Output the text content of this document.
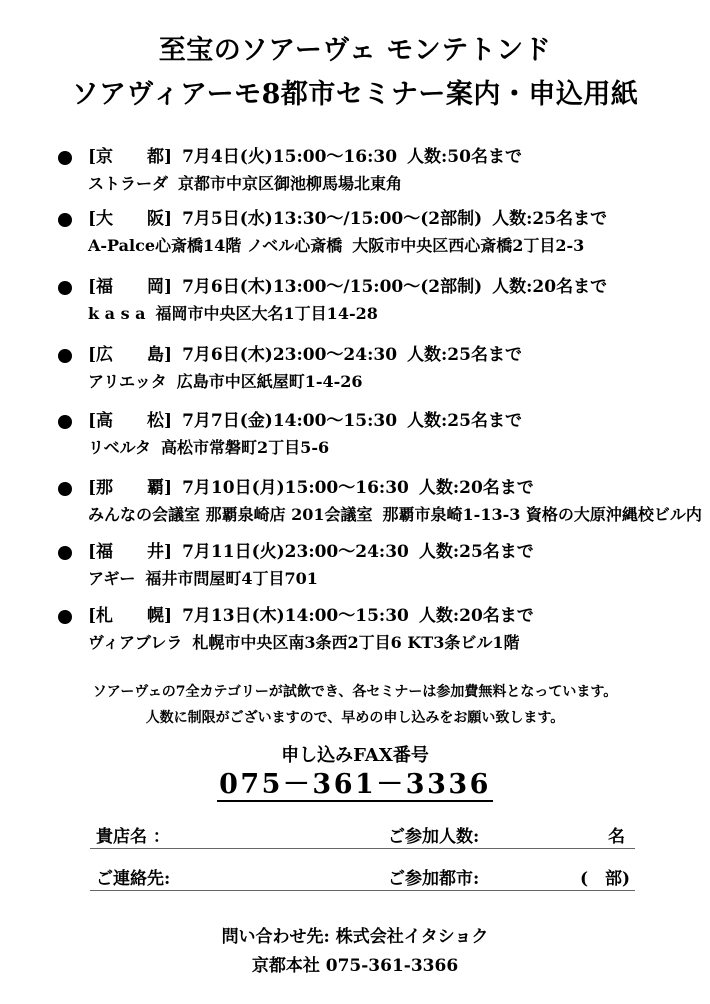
至宝のソアーヴェ モンテトンド
ソアヴィアーモ8都市セミナー案内・申込用紙
[京　　都] 7月4日(火)15:00～16:30 人数:50名まで
ストラーダ 京都市中京区御池柳馬場北東角
[大　　阪] 7月5日(水)13:30～/15:00～(2部制) 人数:25名まで
A-Palce心斎橋14階 ノベル心斎橋 大阪市中央区西心斎橋2丁目2-3
[福　　岡] 7月6日(木)13:00～/15:00～(2部制) 人数:20名まで
k a s a 福岡市中央区大名1丁目14-28
[広　　島] 7月6日(木)23:00～24:30 人数:25名まで
アリエッタ 広島市中区紙屋町1-4-26
[高　　松] 7月7日(金)14:00～15:30 人数:25名まで
リベルタ 高松市常磐町2丁目5-6
[那　　覇] 7月10日(月)15:00～16:30 人数:20名まで
みんなの会議室 那覇泉崎店 201会議室 那覇市泉崎1-13-3 資格の大原沖縄校ビル内
[福　　井] 7月11日(火)23:00～24:30 人数:25名まで
アギー 福井市問屋町4丁目701
[札　　幌] 7月13日(木)14:00～15:30 人数:20名まで
ヴィアブレラ 札幌市中央区南3条西2丁目6 KT3条ビル1階
ソアーヴェの7全カテゴリーが試飲でき、各セミナーは参加費無料となっています。
人数に制限がございますので、早めの申し込みをお願い致します。
申し込みFAX番号
075－361－3336
貴店名 ：	ご参加人数:	名
ご連絡先:	ご参加都市:	(　部)
問い合わせ先: 株式会社イタショク
京都本社 075-361-3366
